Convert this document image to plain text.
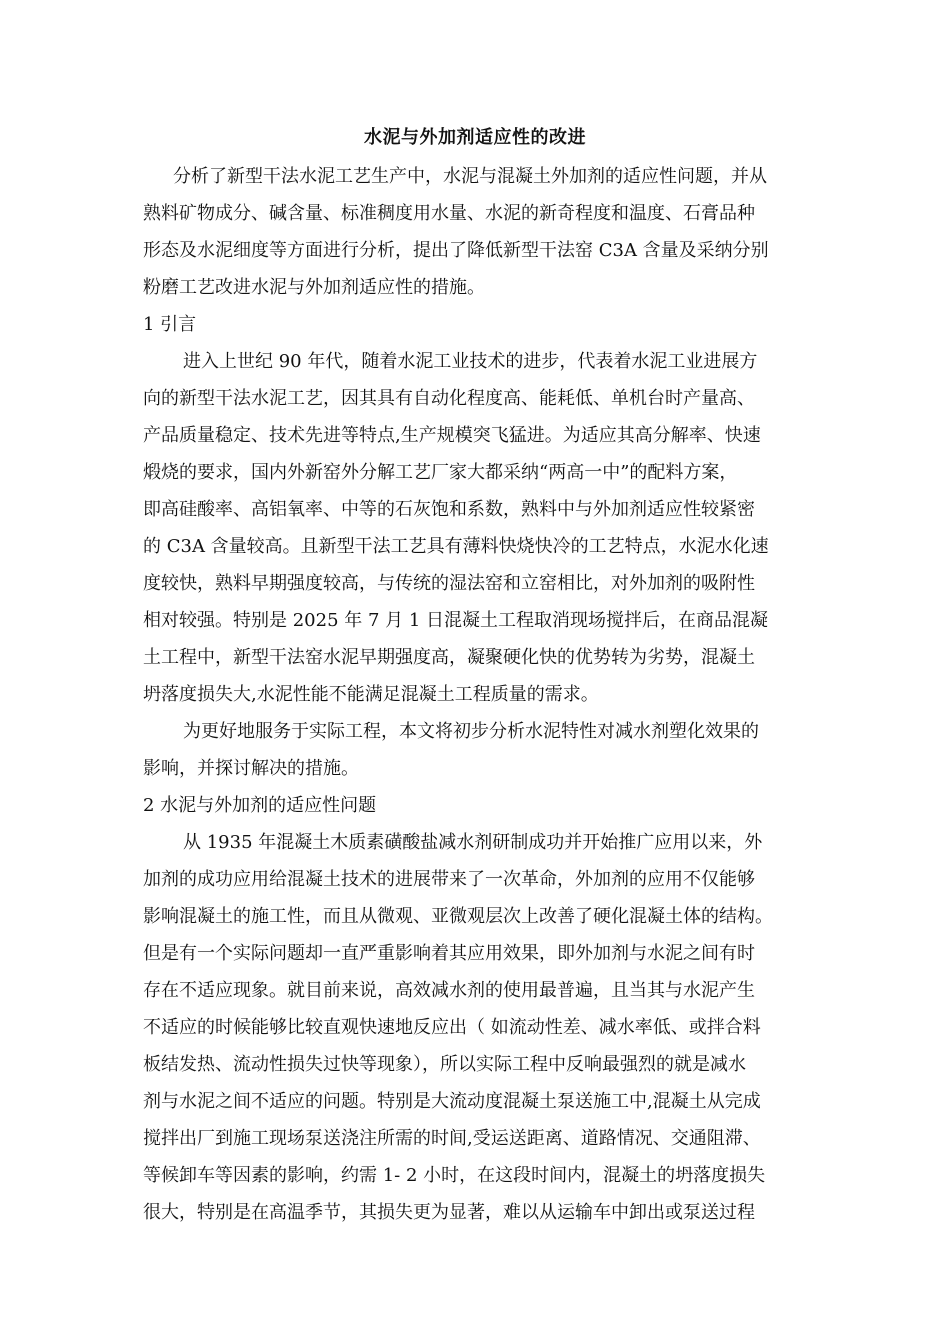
水泥与外加剂适应性的改进

分析了新型干法水泥工艺生产中，水泥与混凝土外加剂的适应性问题，并从
熟料矿物成分、碱含量、标准稠度用水量、水泥的新奇程度和温度、石膏品种
形态及水泥细度等方面进行分析，提出了降低新型干法窑 C3A 含量及采纳分别
粉磨工艺改进水泥与外加剂适应性的措施。

1 引言

进入上世纪 90 年代，随着水泥工业技术的进步，代表着水泥工业进展方
向的新型干法水泥工艺，因其具有自动化程度高、能耗低、单机台时产量高、
产品质量稳定、技术先进等特点,生产规模突飞猛进。为适应其高分解率、快速
煅烧的要求，国内外新窑外分解工艺厂家大都采纳“两高一中”的配料方案，
即高硅酸率、高铝氧率、中等的石灰饱和系数，熟料中与外加剂适应性较紧密
的 C3A 含量较高。且新型干法工艺具有薄料快烧快冷的工艺特点，水泥水化速
度较快，熟料早期强度较高，与传统的湿法窑和立窑相比，对外加剂的吸附性
相对较强。特别是 2025 年 7 月 1 日混凝土工程取消现场搅拌后，在商品混凝
土工程中，新型干法窑水泥早期强度高，凝聚硬化快的优势转为劣势，混凝土
坍落度损失大,水泥性能不能满足混凝土工程质量的需求。

为更好地服务于实际工程，本文将初步分析水泥特性对减水剂塑化效果的
影响，并探讨解决的措施。

2 水泥与外加剂的适应性问题

从 1935 年混凝土木质素磺酸盐减水剂研制成功并开始推广应用以来，外
加剂的成功应用给混凝土技术的进展带来了一次革命，外加剂的应用不仅能够
影响混凝土的施工性，而且从微观、亚微观层次上改善了硬化混凝土体的结构。
但是有一个实际问题却一直严重影响着其应用效果，即外加剂与水泥之间有时
存在不适应现象。就目前来说，高效减水剂的使用最普遍，且当其与水泥产生
不适应的时候能够比较直观快速地反应出（ 如流动性差、减水率低、或拌合料
板结发热、流动性损失过快等现象），所以实际工程中反响最强烈的就是减水
剂与水泥之间不适应的问题。特别是大流动度混凝土泵送施工中,混凝土从完成
搅拌出厂到施工现场泵送浇注所需的时间,受运送距离、道路情况、交通阻滞、
等候卸车等因素的影响，约需 1- 2 小时，在这段时间内，混凝土的坍落度损失
很大，特别是在高温季节，其损失更为显著，难以从运输车中卸出或泵送过程
